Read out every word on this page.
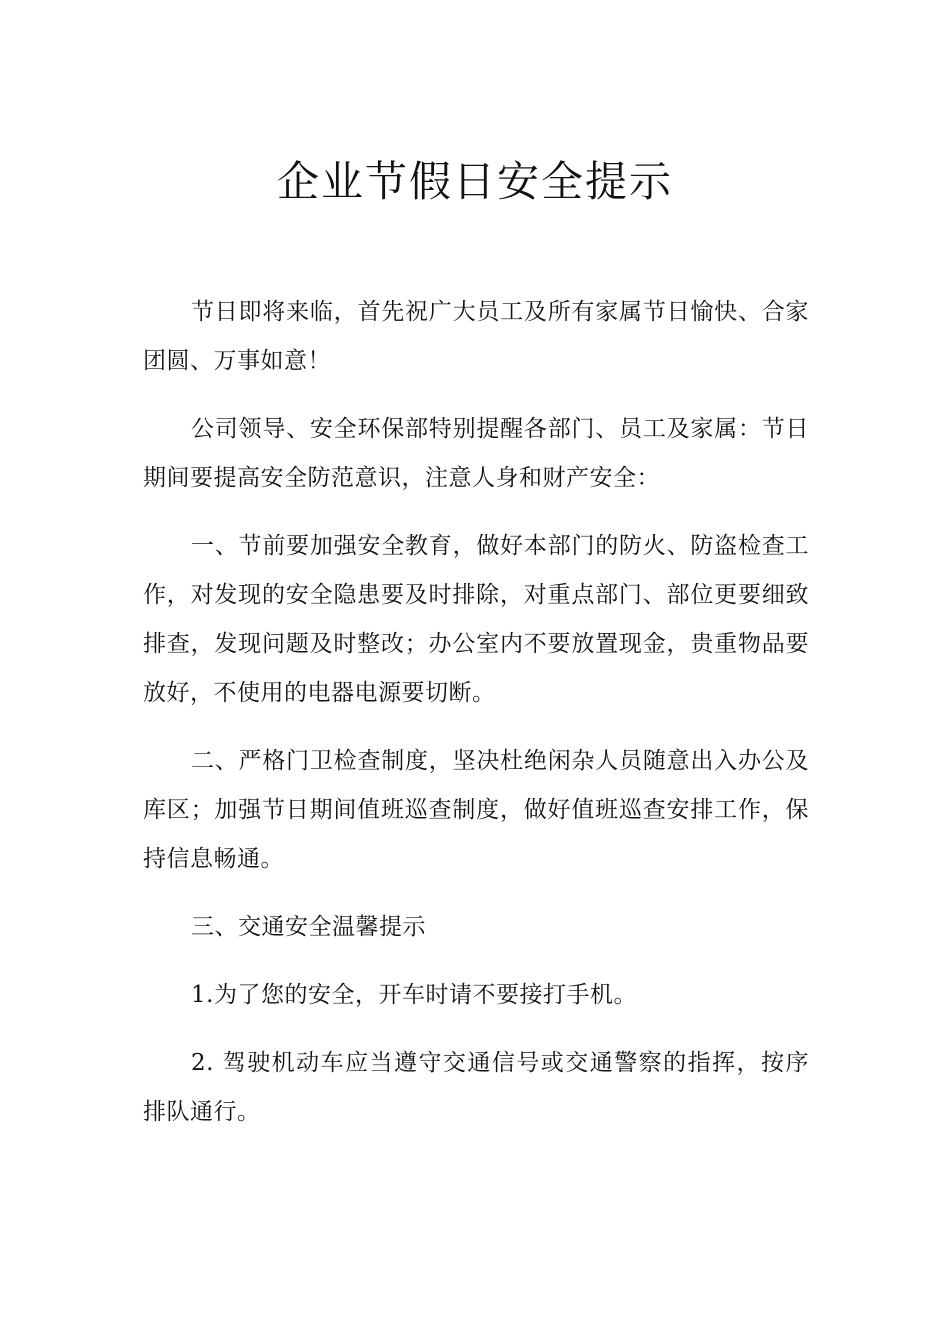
企业节假日安全提示

节日即将来临，首先祝广大员工及所有家属节日愉快、合家团圆、万事如意！

公司领导、安全环保部特别提醒各部门、员工及家属：节日期间要提高安全防范意识，注意人身和财产安全：

一、节前要加强安全教育，做好本部门的防火、防盗检查工作，对发现的安全隐患要及时排除，对重点部门、部位更要细致排查，发现问题及时整改；办公室内不要放置现金，贵重物品要放好，不使用的电器电源要切断。

二、严格门卫检查制度，坚决杜绝闲杂人员随意出入办公及库区；加强节日期间值班巡查制度，做好值班巡查安排工作，保持信息畅通。

三、交通安全温馨提示

1.为了您的安全，开车时请不要接打手机。

2. 驾驶机动车应当遵守交通信号或交通警察的指挥，按序排队通行。
